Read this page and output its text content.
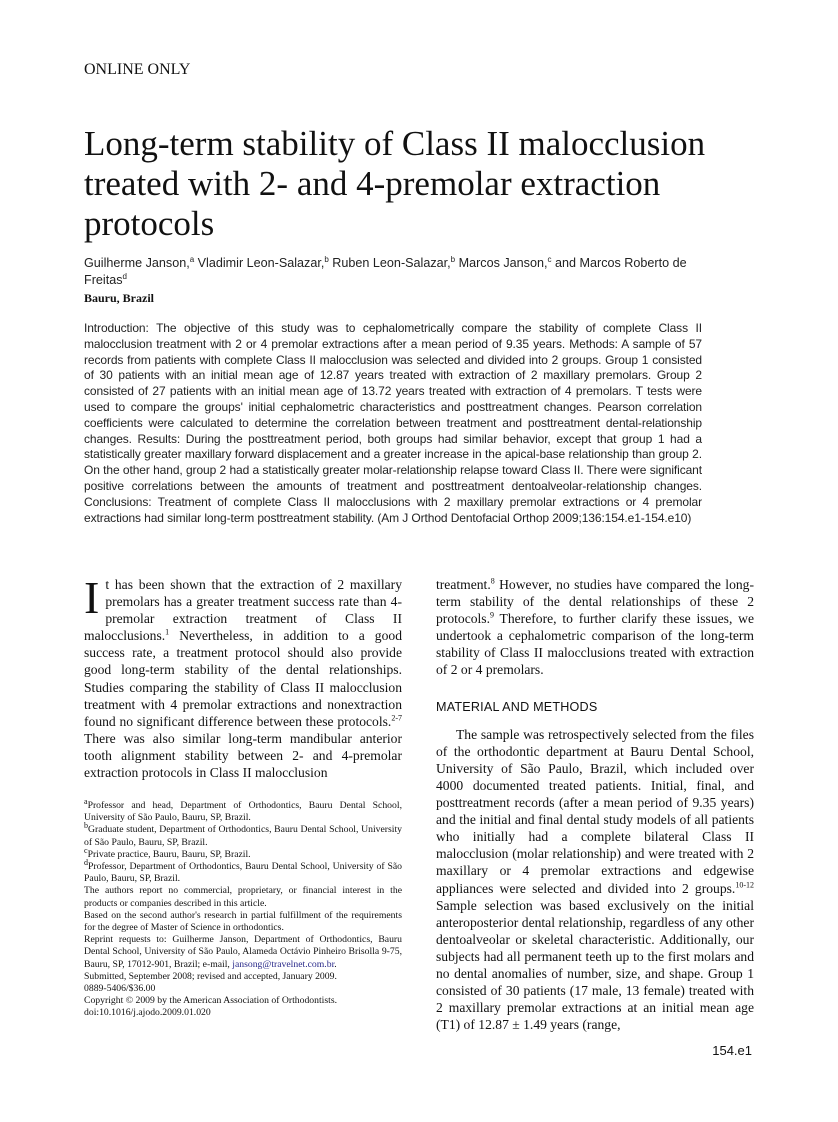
ONLINE ONLY
Long-term stability of Class II malocclusion treated with 2- and 4-premolar extraction protocols
Guilherme Janson,$^a$ Vladimir Leon-Salazar,$^b$ Ruben Leon-Salazar,$^b$ Marcos Janson,$^c$ and Marcos Roberto de Freitas$^d$
Bauru, Brazil
Introduction: The objective of this study was to cephalometrically compare the stability of complete Class II malocclusion treatment with 2 or 4 premolar extractions after a mean period of 9.35 years. Methods: A sample of 57 records from patients with complete Class II malocclusion was selected and divided into 2 groups. Group 1 consisted of 30 patients with an initial mean age of 12.87 years treated with extraction of 2 maxillary premolars. Group 2 consisted of 27 patients with an initial mean age of 13.72 years treated with extraction of 4 premolars. T tests were used to compare the groups' initial cephalometric characteristics and posttreatment changes. Pearson correlation coefficients were calculated to determine the correlation between treatment and posttreatment dental-relationship changes. Results: During the posttreatment period, both groups had similar behavior, except that group 1 had a statistically greater maxillary forward displacement and a greater increase in the apical-base relationship than group 2. On the other hand, group 2 had a statistically greater molar-relationship relapse toward Class II. There were significant positive correlations between the amounts of treatment and posttreatment dentoalveolar-relationship changes. Conclusions: Treatment of complete Class II malocclusions with 2 maxillary premolar extractions or 4 premolar extractions had similar long-term posttreatment stability. (Am J Orthod Dentofacial Orthop 2009;136:154.e1-154.e10)

It has been shown that the extraction of 2 maxillary premolars has a greater treatment success rate than 4-premolar extraction treatment of Class II malocclusions.$^1$ Nevertheless, in addition to a good success rate, a treatment protocol should also provide good long-term stability of the dental relationships. Studies comparing the stability of Class II malocclusion treatment with 4 premolar extractions and nonextraction found no significant difference between these protocols.$^{2-7}$ There was also similar long-term mandibular anterior tooth alignment stability between 2- and 4-premolar extraction protocols in Class II malocclusion

treatment.$^8$ However, no studies have compared the long-term stability of the dental relationships of these 2 protocols.$^9$ Therefore, to further clarify these issues, we undertook a cephalometric comparison of the long-term stability of Class II malocclusions treated with extraction of 2 or 4 premolars.

MATERIAL AND METHODS

The sample was retrospectively selected from the files of the orthodontic department at Bauru Dental School, University of São Paulo, Brazil, which included over 4000 documented treated patients. Initial, final, and posttreatment records (after a mean period of 9.35 years) and the initial and final dental study models of all patients who initially had a complete bilateral Class II malocclusion (molar relationship) and were treated with 2 maxillary or 4 premolar extractions and edgewise appliances were selected and divided into 2 groups.$^{10-12}$ Sample selection was based exclusively on the initial anteroposterior dental relationship, regardless of any other dentoalveolar or skeletal characteristic. Additionally, our subjects had all permanent teeth up to the first molars and no dental anomalies of number, size, and shape. Group 1 consisted of 30 patients (17 male, 13 female) treated with 2 maxillary premolar extractions at an initial mean age (T1) of 12.87 ± 1.49 years (range,

$^a$Professor and head, Department of Orthodontics, Bauru Dental School, University of São Paulo, Bauru, SP, Brazil.
$^b$Graduate student, Department of Orthodontics, Bauru Dental School, University of São Paulo, Bauru, SP, Brazil.
$^c$Private practice, Bauru, Bauru, SP, Brazil.
$^d$Professor, Department of Orthodontics, Bauru Dental School, University of São Paulo, Bauru, SP, Brazil.
The authors report no commercial, proprietary, or financial interest in the products or companies described in this article.
Based on the second author's research in partial fulfillment of the requirements for the degree of Master of Science in orthodontics.
Reprint requests to: Guilherme Janson, Department of Orthodontics, Bauru Dental School, University of São Paulo, Alameda Octávio Pinheiro Brisolla 9-75, Bauru, SP, 17012-901, Brazil; e-mail, jansong@travelnet.com.br.
Submitted, September 2008; revised and accepted, January 2009.
0889-5406/$36.00
Copyright © 2009 by the American Association of Orthodontists.
doi:10.1016/j.ajodo.2009.01.020
154.e1
